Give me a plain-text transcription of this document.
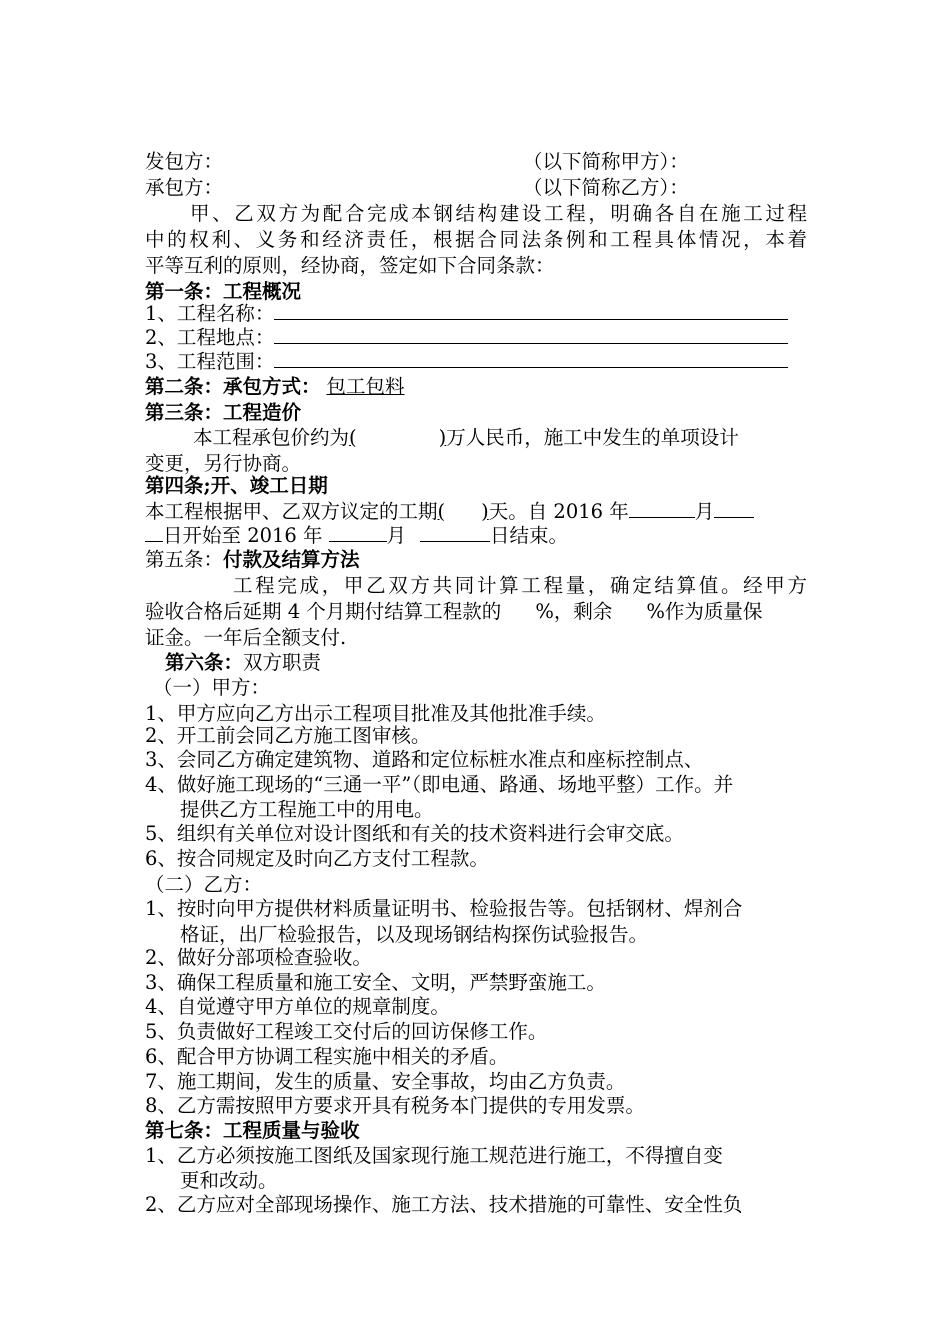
发包方：	（以下简称甲方）：
承包方：	（以下简称乙方）：
甲、乙双方为配合完成本钢结构建设工程，明确各自在施工过程
中的权利、义务和经济责任，根据合同法条例和工程具体情况，本着
平等互利的原则，经协商，签定如下合同条款：
第一条：工程概况
1、工程名称：
2、工程地点：
3、工程范围：
第二条：承包方式： 包工包料
第三条：工程造价
本工程承包价约为(	)万人民币，施工中发生的单项设计
变更，另行协商。
第四条;开、竣工日期
本工程根据甲、乙双方议定的工期( )天。自 2016 年	月
日开始至 2016 年	月	日结束。
第五条：付款及结算方法
工程完成，甲乙双方共同计算工程量，确定结算值。经甲方
验收合格后延期 4 个月期付结算工程款的 %，剩余 %作为质量保
证金。一年后全额支付.
第六条：双方职责
（一）甲方：
1、甲方应向乙方出示工程项目批准及其他批准手续。
2、开工前会同乙方施工图审核。
3、会同乙方确定建筑物、道路和定位标桩水准点和座标控制点、
4、做好施工现场的“三通一平”（即电通、路通、场地平整）工作。并
提供乙方工程施工中的用电。
5、组织有关单位对设计图纸和有关的技术资料进行会审交底。
6、按合同规定及时向乙方支付工程款。
（二）乙方：
1、按时向甲方提供材料质量证明书、检验报告等。包括钢材、焊剂合
格证，出厂检验报告，以及现场钢结构探伤试验报告。
2、做好分部项检查验收。
3、确保工程质量和施工安全、文明，严禁野蛮施工。
4、自觉遵守甲方单位的规章制度。
5、负责做好工程竣工交付后的回访保修工作。
6、配合甲方协调工程实施中相关的矛盾。
7、施工期间，发生的质量、安全事故，均由乙方负责。
8、乙方需按照甲方要求开具有税务本门提供的专用发票。
第七条：工程质量与验收
1、乙方必须按施工图纸及国家现行施工规范进行施工，不得擅自变
更和改动。
2、乙方应对全部现场操作、施工方法、技术措施的可靠性、安全性负
